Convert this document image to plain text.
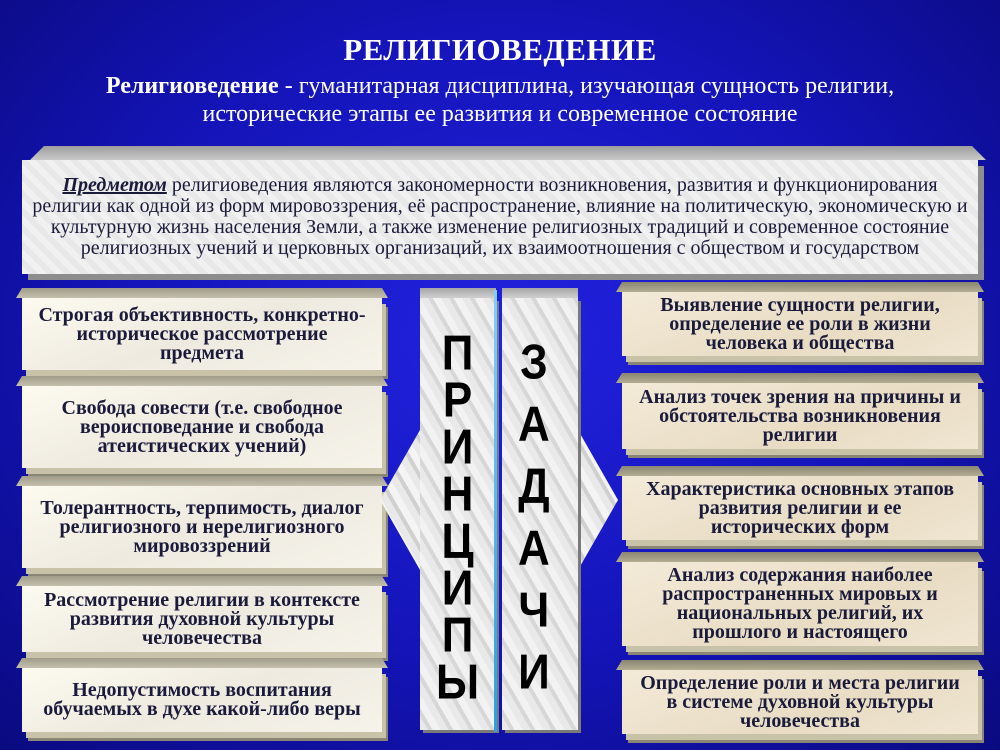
РЕЛИГИОВЕДЕНИЕ
Религиоведение - гуманитарная дисциплина, изучающая сущность религии,
исторические этапы ее развития и современное состояние
Предметом религиоведения являются закономерности возникновения, развития и функционирования религии как одной из форм мировоззрения, её распространение, влияние на политическую, экономическую и культурную жизнь населения Земли, а также изменение религиозных традиций и современное состояние религиозных учений и церковных организаций, их взаимоотношения с обществом и государством
Строгая объективность, конкретно-историческое рассмотрение предмета
Свобода совести (т.е. свободное вероисповедание и свобода атеистических учений)
Толерантность, терпимость, диалог религиозного и нерелигиозного мировоззрений
Рассмотрение религии в контексте развития духовной культуры человечества
Недопустимость воспитания обучаемых в духе какой-либо веры
П
Р
И
Н
Ц
И
П
Ы
З
А
Д
А
Ч
И
Выявление сущности религии, определение ее роли в жизни человека и общества
Анализ точек зрения на причины и обстоятельства возникновения религии
Характеристика основных этапов развития религии и ее исторических форм
Анализ содержания наиболее распространенных мировых и национальных религий, их прошлого и настоящего
Определение роли и места религии в системе духовной культуры человечества
